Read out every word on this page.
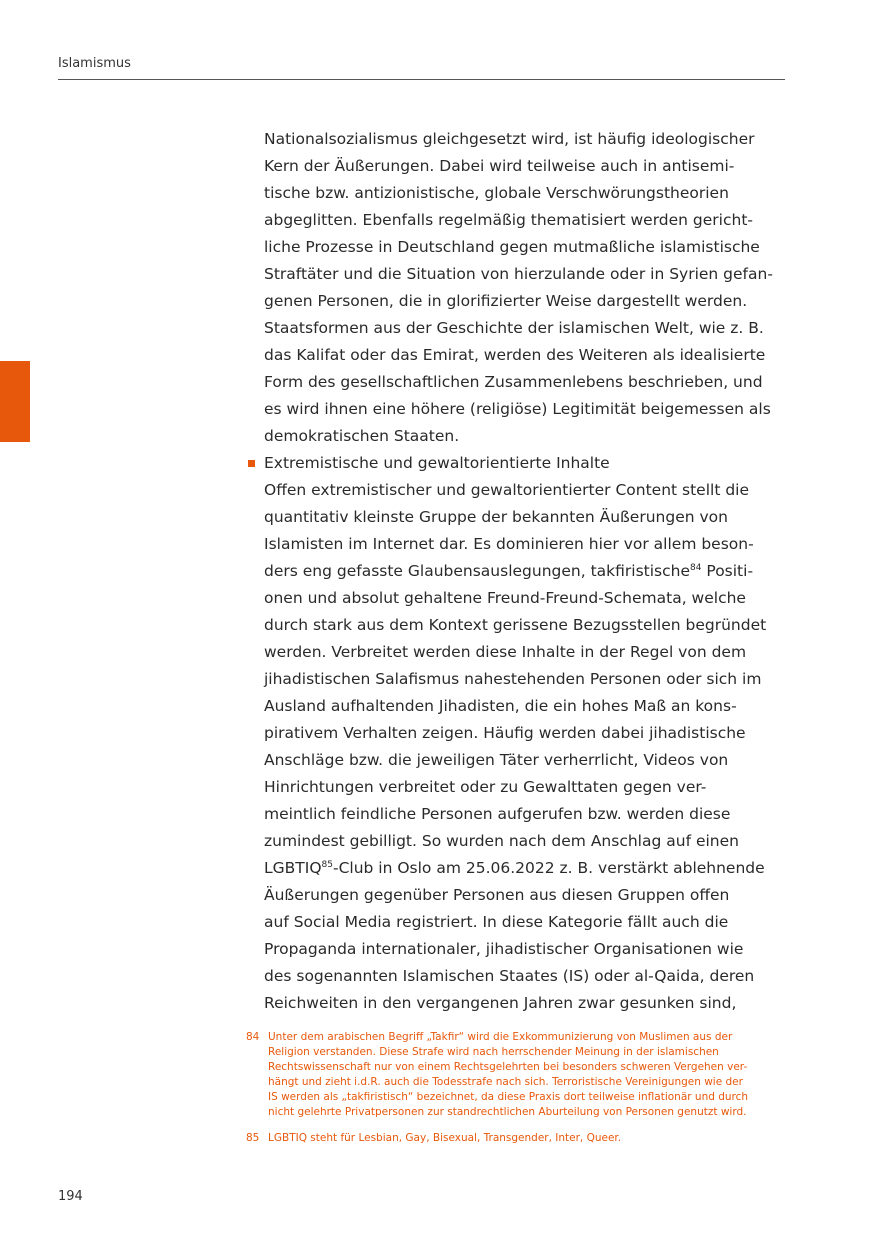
Islamismus
Nationalsozialismus gleichgesetzt wird, ist häufig ideologischer
Kern der Äußerungen. Dabei wird teilweise auch in antisemi-
tische bzw. antizionistische, globale Verschwörungstheorien
abgeglitten. Ebenfalls regelmäßig thematisiert werden gericht-
liche Prozesse in Deutschland gegen mutmaßliche islamistische
Straftäter und die Situation von hierzulande oder in Syrien gefan-
genen Personen, die in glorifizierter Weise dargestellt werden.
Staatsformen aus der Geschichte der islamischen Welt, wie z. B.
das Kalifat oder das Emirat, werden des Weiteren als idealisierte
Form des gesellschaftlichen Zusammenlebens beschrieben, und
es wird ihnen eine höhere (religiöse) Legitimität beigemessen als
demokratischen Staaten.
Extremistische und gewaltorientierte Inhalte
Offen extremistischer und gewaltorientierter Content stellt die
quantitativ kleinste Gruppe der bekannten Äußerungen von
Islamisten im Internet dar. Es dominieren hier vor allem beson-
ders eng gefasste Glaubensauslegungen, takfiristische$^{84}$ Positi-
onen und absolut gehaltene Freund-Freund-Schemata, welche
durch stark aus dem Kontext gerissene Bezugsstellen begründet
werden. Verbreitet werden diese Inhalte in der Regel von dem
jihadistischen Salafismus nahestehenden Personen oder sich im
Ausland aufhaltenden Jihadisten, die ein hohes Maß an kons-
pirativem Verhalten zeigen. Häufig werden dabei jihadistische
Anschläge bzw. die jeweiligen Täter verherrlicht, Videos von
Hinrichtungen verbreitet oder zu Gewalttaten gegen ver-
meintlich feindliche Personen aufgerufen bzw. werden diese
zumindest gebilligt. So wurden nach dem Anschlag auf einen
LGBTIQ$^{85}$-Club in Oslo am 25.06.2022 z. B. verstärkt ablehnende
Äußerungen gegenüber Personen aus diesen Gruppen offen
auf Social Media registriert. In diese Kategorie fällt auch die
Propaganda internationaler, jihadistischer Organisationen wie
des sogenannten Islamischen Staates (IS) oder al-Qaida, deren
Reichweiten in den vergangenen Jahren zwar gesunken sind,
84 Unter dem arabischen Begriff „Takfir“ wird die Exkommunizierung von Muslimen aus der
Religion verstanden. Diese Strafe wird nach herrschender Meinung in der islamischen
Rechtswissenschaft nur von einem Rechtsgelehrten bei besonders schweren Vergehen ver-
hängt und zieht i.d.R. auch die Todesstrafe nach sich. Terroristische Vereinigungen wie der
IS werden als „takfiristisch“ bezeichnet, da diese Praxis dort teilweise inflationär und durch
nicht gelehrte Privatpersonen zur standrechtlichen Aburteilung von Personen genutzt wird.
85 LGBTIQ steht für Lesbian, Gay, Bisexual, Transgender, Inter, Queer.
194
